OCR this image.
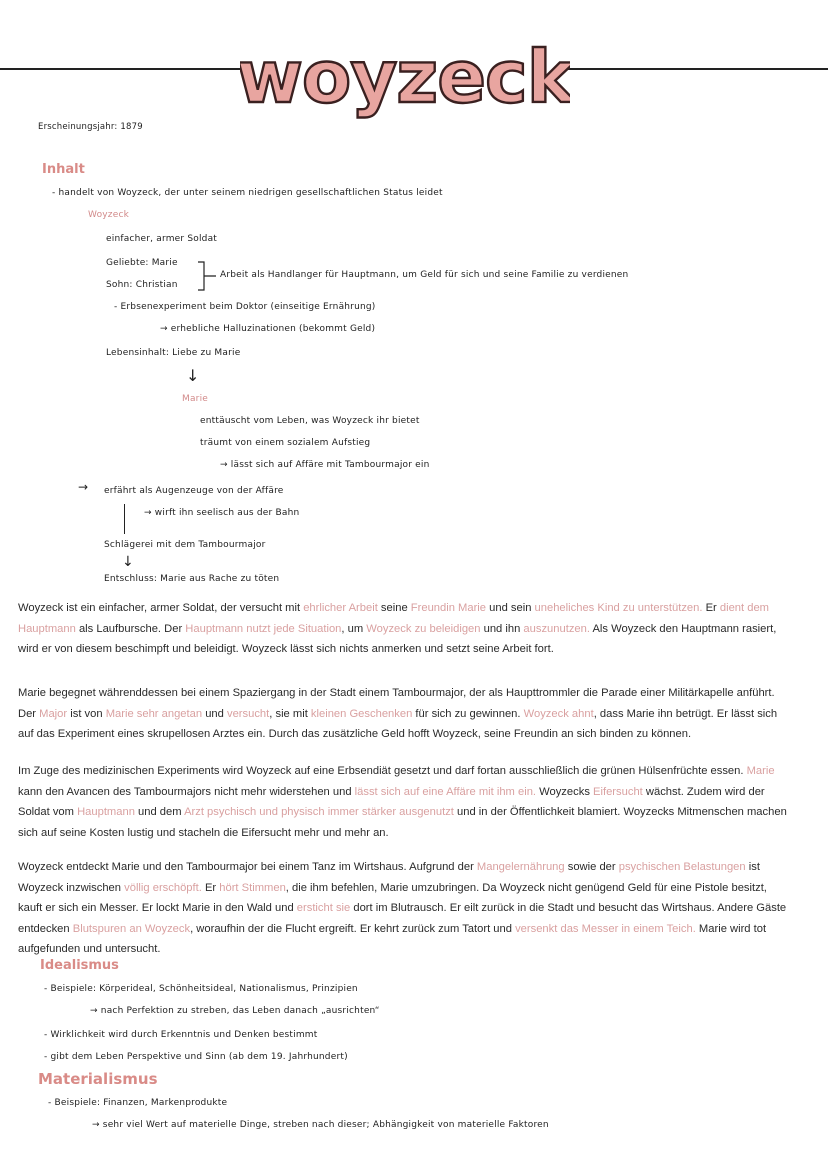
woyzeck
Erscheinungsjahr: 1879
Inhalt
- handelt von Woyzeck, der unter seinem niedrigen gesellschaftlichen Status leidet
Woyzeck
einfacher, armer Soldat
Geliebte: Marie
Sohn: Christian
Arbeit als Handlanger für Hauptmann, um Geld für sich und seine Familie zu verdienen
- Erbsenexperiment beim Doktor (einseitige Ernährung)
→ erhebliche Halluzinationen (bekommt Geld)
Lebensinhalt: Liebe zu Marie
↓
Marie
enttäuscht vom Leben, was Woyzeck ihr bietet
träumt von einem sozialem Aufstieg
→ lässt sich auf Affäre mit Tambourmajor ein
→ erfährt als Augenzeuge von der Affäre
→ wirft ihn seelisch aus der Bahn
Schlägerei mit dem Tambourmajor
↓
Entschluss: Marie aus Rache zu töten

Woyzeck ist ein einfacher, armer Soldat, der versucht mit ehrlicher Arbeit seine Freundin Marie und sein uneheliches Kind zu unterstützen. Er dient dem Hauptmann als Laufbursche. Der Hauptmann nutzt jede Situation, um Woyzeck zu beleidigen und ihn auszunutzen. Als Woyzeck den Hauptmann rasiert, wird er von diesem beschimpft und beleidigt. Woyzeck lässt sich nichts anmerken und setzt seine Arbeit fort.

Marie begegnet währenddessen bei einem Spaziergang in der Stadt einem Tambourmajor, der als Haupttrommler die Parade einer Militärkapelle anführt. Der Major ist von Marie sehr angetan und versucht, sie mit kleinen Geschenken für sich zu gewinnen. Woyzeck ahnt, dass Marie ihn betrügt. Er lässt sich auf das Experiment eines skrupellosen Arztes ein. Durch das zusätzliche Geld hofft Woyzeck, seine Freundin an sich binden zu können.

Im Zuge des medizinischen Experiments wird Woyzeck auf eine Erbsendiät gesetzt und darf fortan ausschließlich die grünen Hülsenfrüchte essen. Marie kann den Avancen des Tambourmajors nicht mehr widerstehen und lässt sich auf eine Affäre mit ihm ein. Woyzecks Eifersucht wächst. Zudem wird der Soldat vom Hauptmann und dem Arzt psychisch und physisch immer stärker ausgenutzt und in der Öffentlichkeit blamiert. Woyzecks Mitmenschen machen sich auf seine Kosten lustig und stacheln die Eifersucht mehr und mehr an.

Woyzeck entdeckt Marie und den Tambourmajor bei einem Tanz im Wirtshaus. Aufgrund der Mangelernährung sowie der psychischen Belastungen ist Woyzeck inzwischen völlig erschöpft. Er hört Stimmen, die ihm befehlen, Marie umzubringen. Da Woyzeck nicht genügend Geld für eine Pistole besitzt, kauft er sich ein Messer. Er lockt Marie in den Wald und ersticht sie dort im Blutrausch. Er eilt zurück in die Stadt und besucht das Wirtshaus. Andere Gäste entdecken Blutspuren an Woyzeck, woraufhin der die Flucht ergreift. Er kehrt zurück zum Tatort und versenkt das Messer in einem Teich. Marie wird tot aufgefunden und untersucht.

Idealismus
- Beispiele: Körperideal, Schönheitsideal, Nationalismus, Prinzipien
→ nach Perfektion zu streben, das Leben danach „ausrichten“
- Wirklichkeit wird durch Erkenntnis und Denken bestimmt
- gibt dem Leben Perspektive und Sinn (ab dem 19. Jahrhundert)
Materialismus
- Beispiele: Finanzen, Markenprodukte
→ sehr viel Wert auf materielle Dinge, streben nach dieser; Abhängigkeit von materielle Faktoren
